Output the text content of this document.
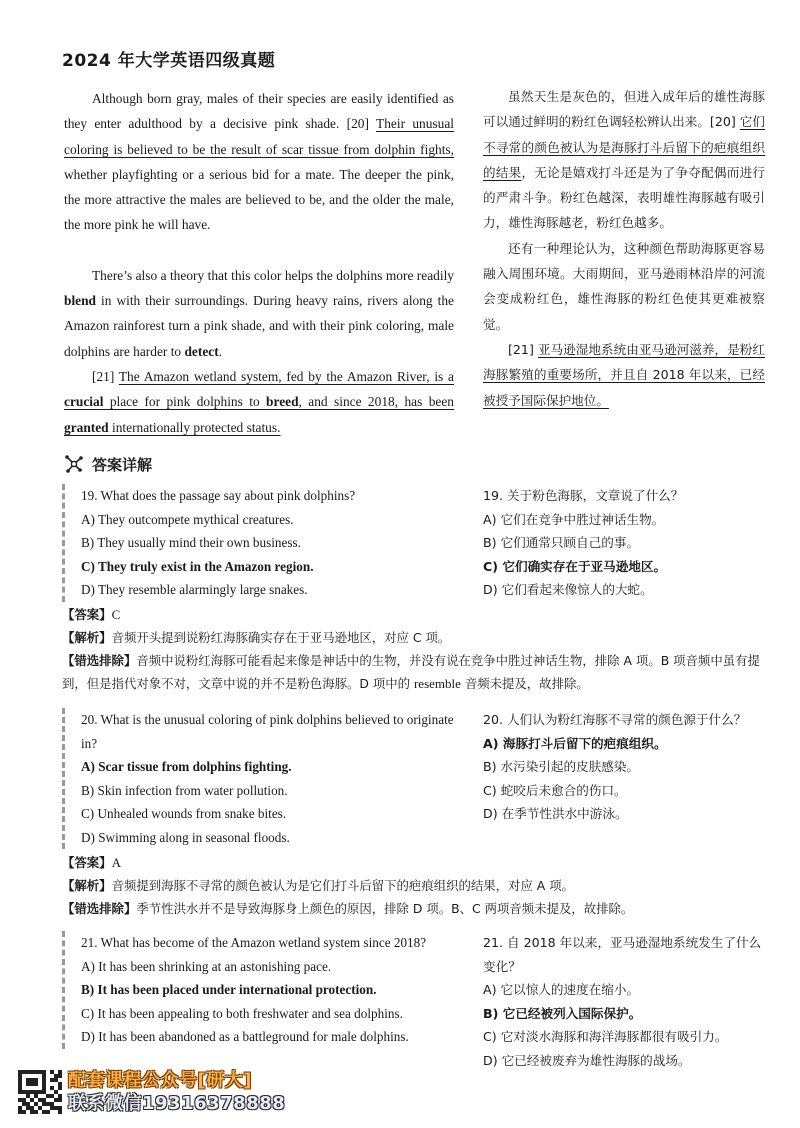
2024 年大学英语四级真题

Although born gray, males of their species are easily identified as they enter adulthood by a decisive pink shade. [20] Their unusual coloring is believed to be the result of scar tissue from dolphin fights, whether playfighting or a serious bid for a mate. The deeper the pink, the more attractive the males are believed to be, and the older the male, the more pink he will have.

There’s also a theory that this color helps the dolphins more readily blend in with their surroundings. During heavy rains, rivers along the Amazon rainforest turn a pink shade, and with their pink coloring, male dolphins are harder to detect.

[21] The Amazon wetland system, fed by the Amazon River, is a crucial place for pink dolphins to breed, and since 2018, has been granted internationally protected status.

虽然天生是灰色的，但进入成年后的雄性海豚可以通过鲜明的粉红色调轻松辨认出来。[20] 它们不寻常的颜色被认为是海豚打斗后留下的疤痕组织的结果，无论是嬉戏打斗还是为了争夺配偶而进行的严肃斗争。粉红色越深，表明雄性海豚越有吸引力，雄性海豚越老，粉红色越多。

还有一种理论认为，这种颜色帮助海豚更容易融入周围环境。大雨期间，亚马逊雨林沿岸的河流会变成粉红色，雄性海豚的粉红色使其更难被察觉。

[21] 亚马逊湿地系统由亚马逊河滋养，是粉红海豚繁殖的重要场所，并且自 2018 年以来，已经被授予国际保护地位。

答案详解
19. What does the passage say about pink dolphins?
A) They outcompete mythical creatures.
B) They usually mind their own business.
C) They truly exist in the Amazon region.
D) They resemble alarmingly large snakes.
19. 关于粉色海豚，文章说了什么？
A) 它们在竞争中胜过神话生物。
B) 它们通常只顾自己的事。
C) 它们确实存在于亚马逊地区。
D) 它们看起来像惊人的大蛇。
【答案】C
【解析】音频开头提到说粉红海豚确实存在于亚马逊地区，对应 C 项。
【错选排除】音频中说粉红海豚可能看起来像是神话中的生物，并没有说在竞争中胜过神话生物，排除 A 项。B 项音频中虽有提到，但是指代对象不对，文章中说的并不是粉色海豚。D 项中的 resemble 音频未提及，故排除。
20. What is the unusual coloring of pink dolphins believed to originate in?
A) Scar tissue from dolphins fighting.
B) Skin infection from water pollution.
C) Unhealed wounds from snake bites.
D) Swimming along in seasonal floods.
20. 人们认为粉红海豚不寻常的颜色源于什么？
A) 海豚打斗后留下的疤痕组织。
B) 水污染引起的皮肤感染。
C) 蛇咬后未愈合的伤口。
D) 在季节性洪水中游泳。
【答案】A
【解析】音频提到海豚不寻常的颜色被认为是它们打斗后留下的疤痕组织的结果，对应 A 项。
【错选排除】季节性洪水并不是导致海豚身上颜色的原因，排除 D 项。B、C 两项音频未提及，故排除。
21. What has become of the Amazon wetland system since 2018?
A) It has been shrinking at an astonishing pace.
B) It has been placed under international protection.
C) It has been appealing to both freshwater and sea dolphins.
D) It has been abandoned as a battleground for male dolphins.
21. 自 2018 年以来，亚马逊湿地系统发生了什么变化？
A) 它以惊人的速度在缩小。
B) 它已经被列入国际保护。
C) 它对淡水海豚和海洋海豚都很有吸引力。
D) 它已经被废弃为雄性海豚的战场。
配套课程公众号[研大]
联系微信19316378888
